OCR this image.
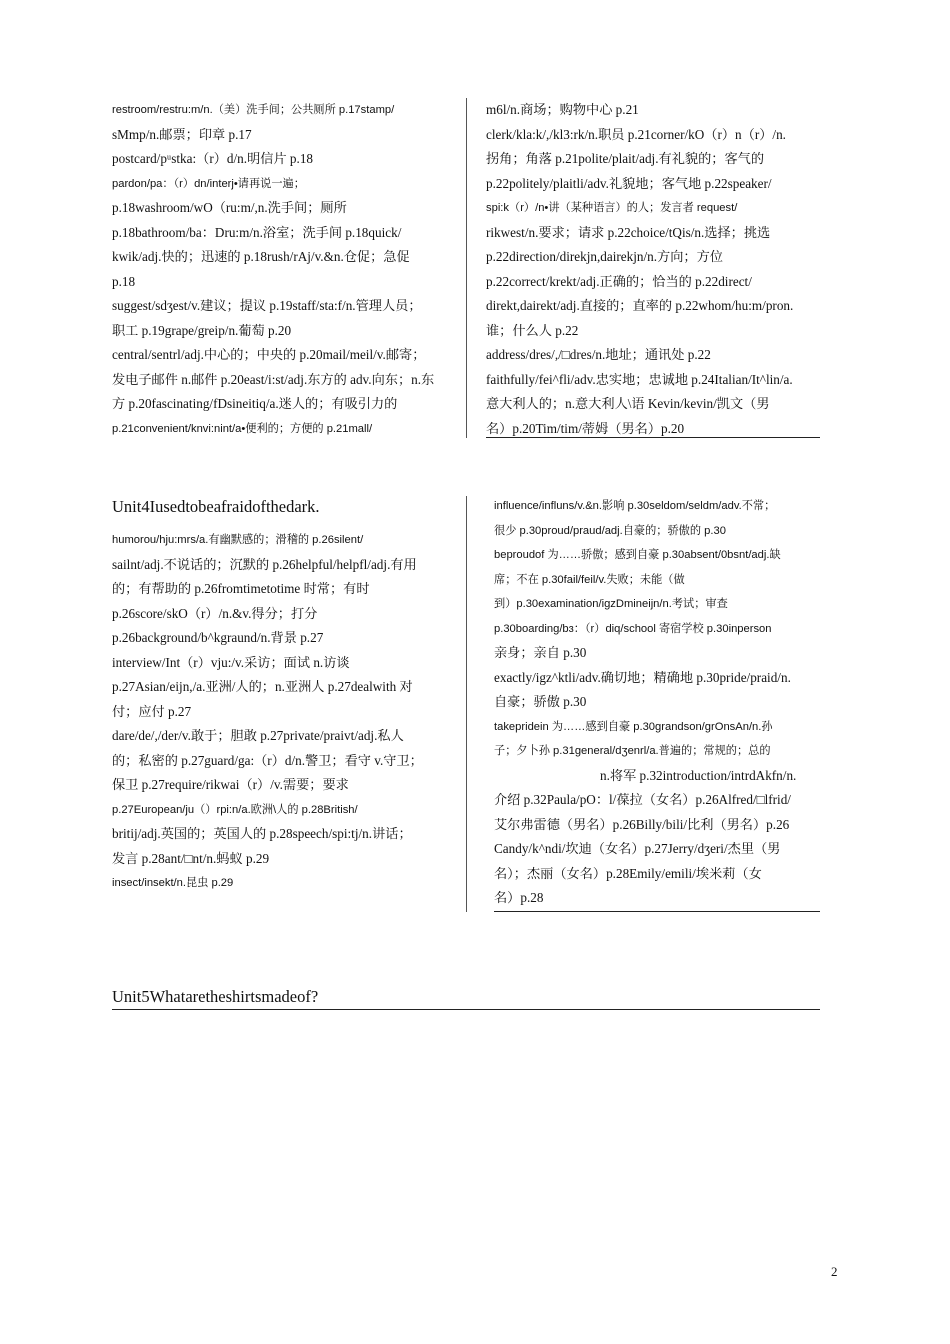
restroom/restru:m/n.（美）洗手间；公共厕所 p.17stamp/
sMmp/n.邮票；印章 p.17
postcard/pᵘstka:（r）d/n.明信片 p.18
pardon/pa：（r）dn/interj•请再说一遍；
p.18washroom/wO（ru:m/,n.洗手间；厕所
p.18bathroom/ba：Dru:m/n.浴室；洗手间 p.18quick/
kwik/adj.快的；迅速的 p.18rush/rAj/v.&n.仓促；急促
p.18
suggest/sdʒest/v.建议；提议 p.19staff/sta:f/n.管理人员；
职工 p.19grape/greip/n.葡萄 p.20
central/sentrl/adj.中心的；中央的 p.20mail/meil/v.邮寄；
发电子邮件 n.邮件 p.20east/i:st/adj.东方的 adv.向东；n.东
方 p.20fascinating/fDsineitiq/a.迷人的；有吸引力的
p.21convenient/knvi:nint/a•便利的；方便的 p.21mall/
m6l/n.商场；购物中心 p.21
clerk/kla:k/,/kl3:rk/n.职员 p.21corner/kO（r）n（r）/n.
拐角；角落 p.21polite/plait/adj.有礼貌的；客气的
p.22politely/plaitli/adv.礼貌地；客气地 p.22speaker/
spi:k（r）/n•讲（某种语言）的人；发言者 request/
rikwest/n.要求；请求 p.22choice/tQis/n.选择；挑选
p.22direction/direkjn,dairekjn/n.方向；方位
p.22correct/krekt/adj.正确的；恰当的 p.22direct/
direkt,dairekt/adj.直接的；直率的 p.22whom/hu:m/pron.
谁；什么人 p.22
address/dres/,/□dres/n.地址；通讯处 p.22
faithfully/fei^fli/adv.忠实地；忠诚地 p.24Italian/It^lin/a.
意大利人的；n.意大利人\语 Kevin/kevin/凯文（男
名）p.20Tim/tim/蒂姆（男名）p.20
Unit4Iusedtobeafraidofthedark.
humorou/hju:mrs/a.有幽默感的；滑稽的 p.26silent/
sailnt/adj.不说话的；沉默的 p.26helpful/helpfl/adj.有用
的；有帮助的 p.26fromtimetotime 时常；有时
p.26score/skO（r）/n.&v.得分；打分
p.26background/b^kgraund/n.背景 p.27
interview/Int（r）vju:/v.采访；面试 n.访谈
p.27Asian/eijn,/a.亚洲/人的；n.亚洲人 p.27dealwith 对
付；应付 p.27
dare/de/,/der/v.敢于；胆敢 p.27private/praivt/adj.私人
的；私密的 p.27guard/ga:（r）d/n.警卫；看守 v.守卫；
保卫 p.27require/rikwai（r）/v.需要；要求
p.27European/ju（）rpi:n/a.欧洲\人的 p.28British/
britij/adj.英国的；英国人的 p.28speech/spi:tj/n.讲话；
发言 p.28ant/□nt/n.蚂蚁 p.29
insect/insekt/n.昆虫 p.29
influence/influns/v.&n.影响 p.30seldom/seldm/adv.不常；
很少 p.30proud/praud/adj.自豪的；骄傲的 p.30
beproudof 为……骄傲；感到自豪 p.30absent/0bsnt/adj.缺
席；不在 p.30fail/feil/v.失败；未能（做
到）p.30examination/igzDmineiјn/n.考试；审查
p.30boarding/bɜ：（r）diq/school 寄宿学校 p.30inperson
亲身；亲自 p.30
exactly/igz^ktli/adv.确切地；精确地 p.30pride/praid/n.
自豪；骄傲 p.30
takepridein 为……感到自豪 p.30grandson/grOnsAn/n.孙
子；夕卜孙 p.31general/dʒenrl/a.普遍的；常规的；总的
n.将军 p.32introduction/intrdAkfn/n.
介绍 p.32Paula/pO：l/葆拉（女名）p.26Alfred/□lfrid/
艾尔弗雷德（男名）p.26Billy/bili/比利（男名）p.26
Candy/k^ndi/坎迪（女名）p.27Jerry/dʒeri/杰里（男
名）；杰丽（女名）p.28Emily/emili/埃米莉（女
名）p.28
Unit5Whataretheshirtsmadeof?
2
